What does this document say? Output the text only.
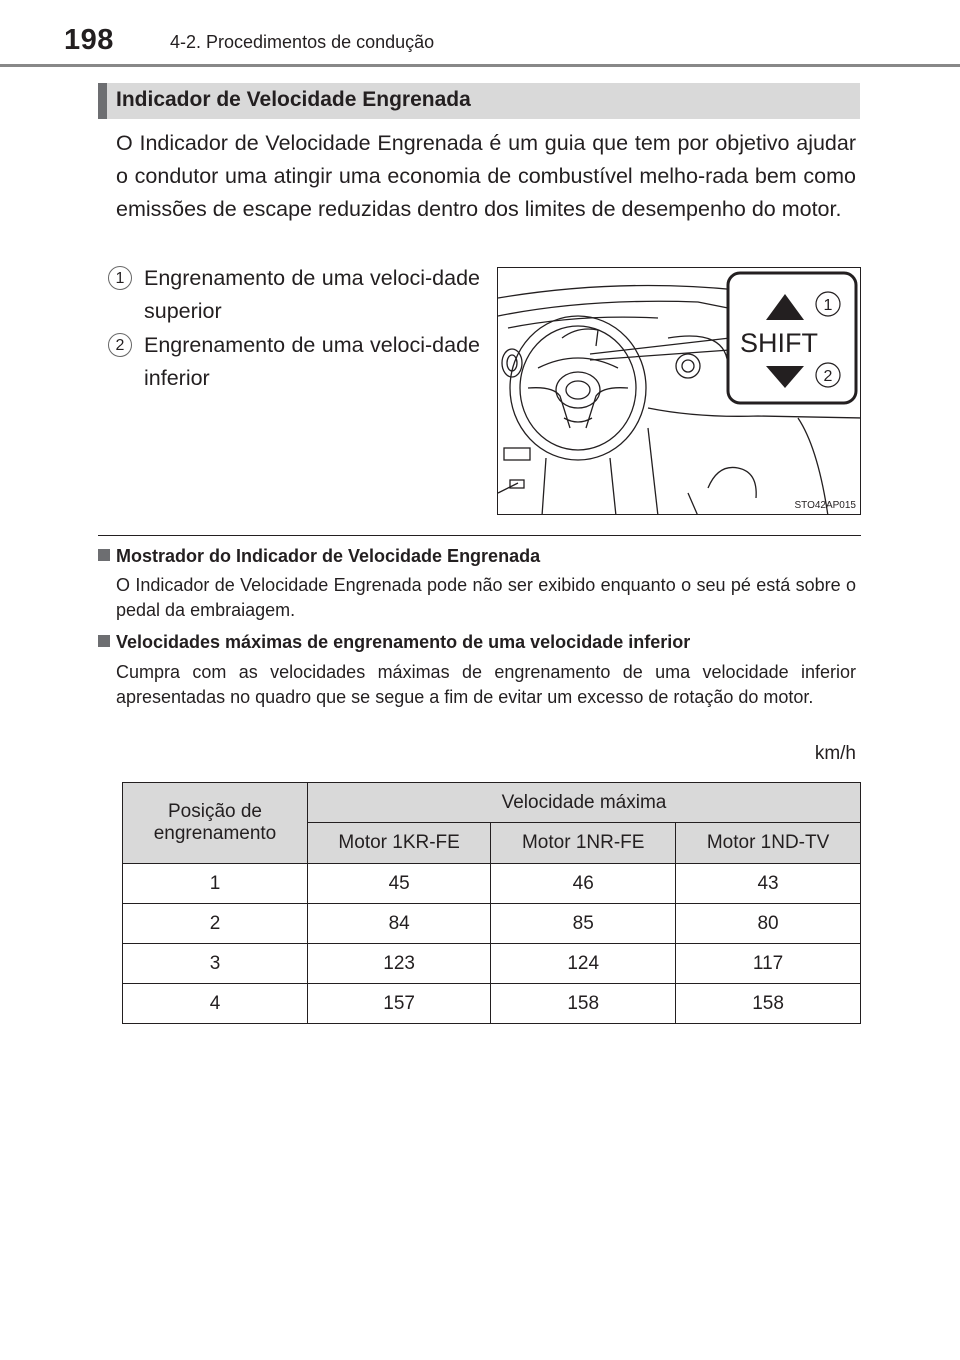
198	4-2. Procedimentos de condução
Indicador de Velocidade Engrenada
O Indicador de Velocidade Engrenada é um guia que tem por objetivo ajudar o condutor uma atingir uma economia de combustível melho-rada bem como emissões de escape reduzidas dentro dos limites de desempenho do motor.
1 Engrenamento de uma veloci-dade superior
2 Engrenamento de uma veloci-dade inferior
1
2
SHIFT
STO42AP015
Mostrador do Indicador de Velocidade Engrenada
O Indicador de Velocidade Engrenada pode não ser exibido enquanto o seu pé está sobre o pedal da embraiagem.
Velocidades máximas de engrenamento de uma velocidade inferior
Cumpra com as velocidades máximas de engrenamento de uma velocidade inferior apresentadas no quadro que se segue a fim de evitar um excesso de rotação do motor.
km/h
Posição de engrenamento	Velocidade máxima		
	Motor 1KR-FE	Motor 1NR-FE	Motor 1ND-TV
1	45	46	43
2	84	85	80
3	123	124	117
4	157	158	158
